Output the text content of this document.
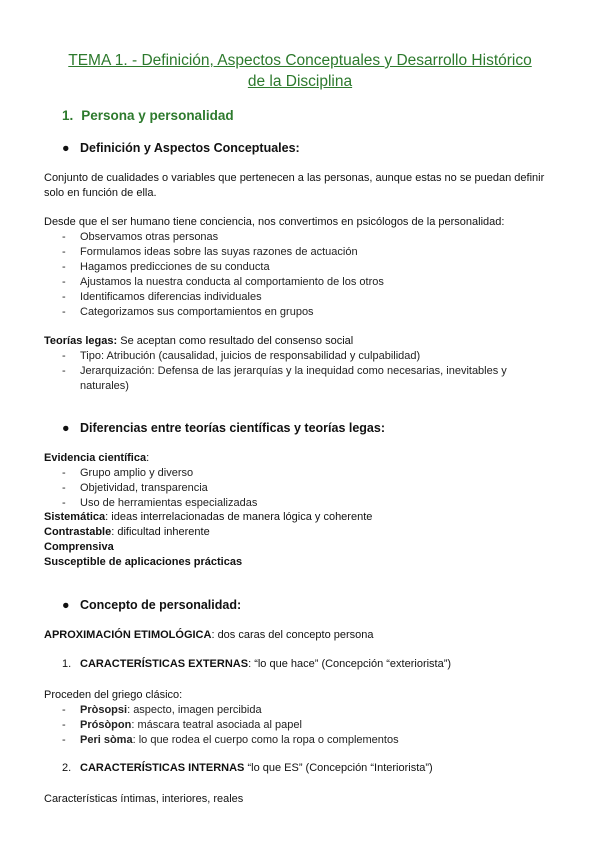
TEMA 1. - Definición, Aspectos Conceptuales y Desarrollo Histórico de la Disciplina
1. Persona y personalidad
● Definición y Aspectos Conceptuales:
Conjunto de cualidades o variables que pertenecen a las personas, aunque estas no se puedan definir solo en función de ella.
Desde que el ser humano tiene conciencia, nos convertimos en psicólogos de la personalidad:
- Observamos otras personas
- Formulamos ideas sobre las suyas razones de actuación
- Hagamos predicciones de su conducta
- Ajustamos la nuestra conducta al comportamiento de los otros
- Identificamos diferencias individuales
- Categorizamos sus comportamientos en grupos
Teorías legas: Se aceptan como resultado del consenso social
- Tipo: Atribución (causalidad, juicios de responsabilidad y culpabilidad)
- Jerarquización: Defensa de las jerarquías y la inequidad como necesarias, inevitables y naturales)
● Diferencias entre teorías científicas y teorías legas:
Evidencia científica:
- Grupo amplio y diverso
- Objetividad, transparencia
- Uso de herramientas especializadas
Sistemática: ideas interrelacionadas de manera lógica y coherente
Contrastable: dificultad inherente
Comprensiva
Susceptible de aplicaciones prácticas
● Concepto de personalidad:
APROXIMACIÓN ETIMOLÓGICA: dos caras del concepto persona
1. CARACTERÍSTICAS EXTERNAS: “lo que hace” (Concepción “exteriorista”)
Proceden del griego clásico:
- Pròsopsi: aspecto, imagen percibida
- Prósòpon: máscara teatral asociada al papel
- Peri sòma: lo que rodea el cuerpo como la ropa o complementos
2. CARACTERÍSTICAS INTERNAS “lo que ES” (Concepción “Interiorista”)
Características íntimas, interiores, reales
